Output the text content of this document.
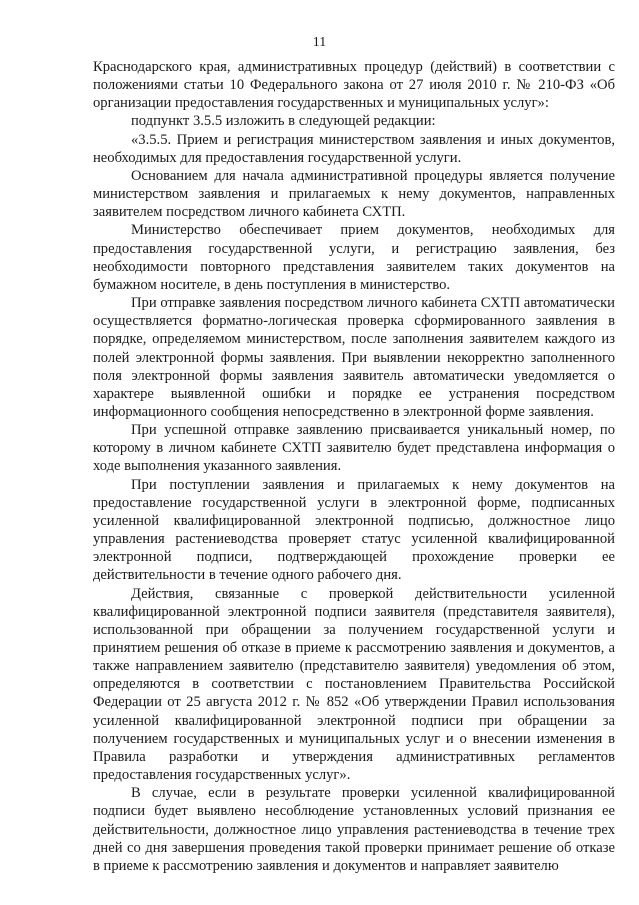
11

Краснодарского края, административных процедур (действий) в соответствии с положениями статьи 10 Федерального закона от 27 июля 2010 г. № 210-ФЗ «Об организации предоставления государственных и муниципальных услуг»:

подпункт 3.5.5 изложить в следующей редакции:

«3.5.5. Прием и регистрация министерством заявления и иных документов, необходимых для предоставления государственной услуги.

Основанием для начала административной процедуры является получение министерством заявления и прилагаемых к нему документов, направленных заявителем посредством личного кабинета СХТП.

Министерство обеспечивает прием документов, необходимых для предоставления государственной услуги, и регистрацию заявления, без необходимости повторного представления заявителем таких документов на бумажном носителе, в день поступления в министерство.

При отправке заявления посредством личного кабинета СХТП автоматически осуществляется форматно-логическая проверка сформированного заявления в порядке, определяемом министерством, после заполнения заявителем каждого из полей электронной формы заявления. При выявлении некорректно заполненного поля электронной формы заявления заявитель автоматически уведомляется о характере выявленной ошибки и порядке ее устранения посредством информационного сообщения непосредственно в электронной форме заявления.

При успешной отправке заявлению присваивается уникальный номер, по которому в личном кабинете СХТП заявителю будет представлена информация о ходе выполнения указанного заявления.

При поступлении заявления и прилагаемых к нему документов на предоставление государственной услуги в электронной форме, подписанных усиленной квалифицированной электронной подписью, должностное лицо управления растениеводства проверяет статус усиленной квалифицированной электронной подписи, подтверждающей прохождение проверки ее действительности в течение одного рабочего дня.

Действия, связанные с проверкой действительности усиленной квалифицированной электронной подписи заявителя (представителя заявителя), использованной при обращении за получением государственной услуги и принятием решения об отказе в приеме к рассмотрению заявления и документов, а также направлением заявителю (представителю заявителя) уведомления об этом, определяются в соответствии с постановлением Правительства Российской Федерации от 25 августа 2012 г. № 852 «Об утверждении Правил использования усиленной квалифицированной электронной подписи при обращении за получением государственных и муниципальных услуг и о внесении изменения в Правила разработки и утверждения административных регламентов предоставления государственных услуг».

В случае, если в результате проверки усиленной квалифицированной подписи будет выявлено несоблюдение установленных условий признания ее действительности, должностное лицо управления растениеводства в течение трех дней со дня завершения проведения такой проверки принимает решение об отказе в приеме к рассмотрению заявления и документов и направляет заявителю
